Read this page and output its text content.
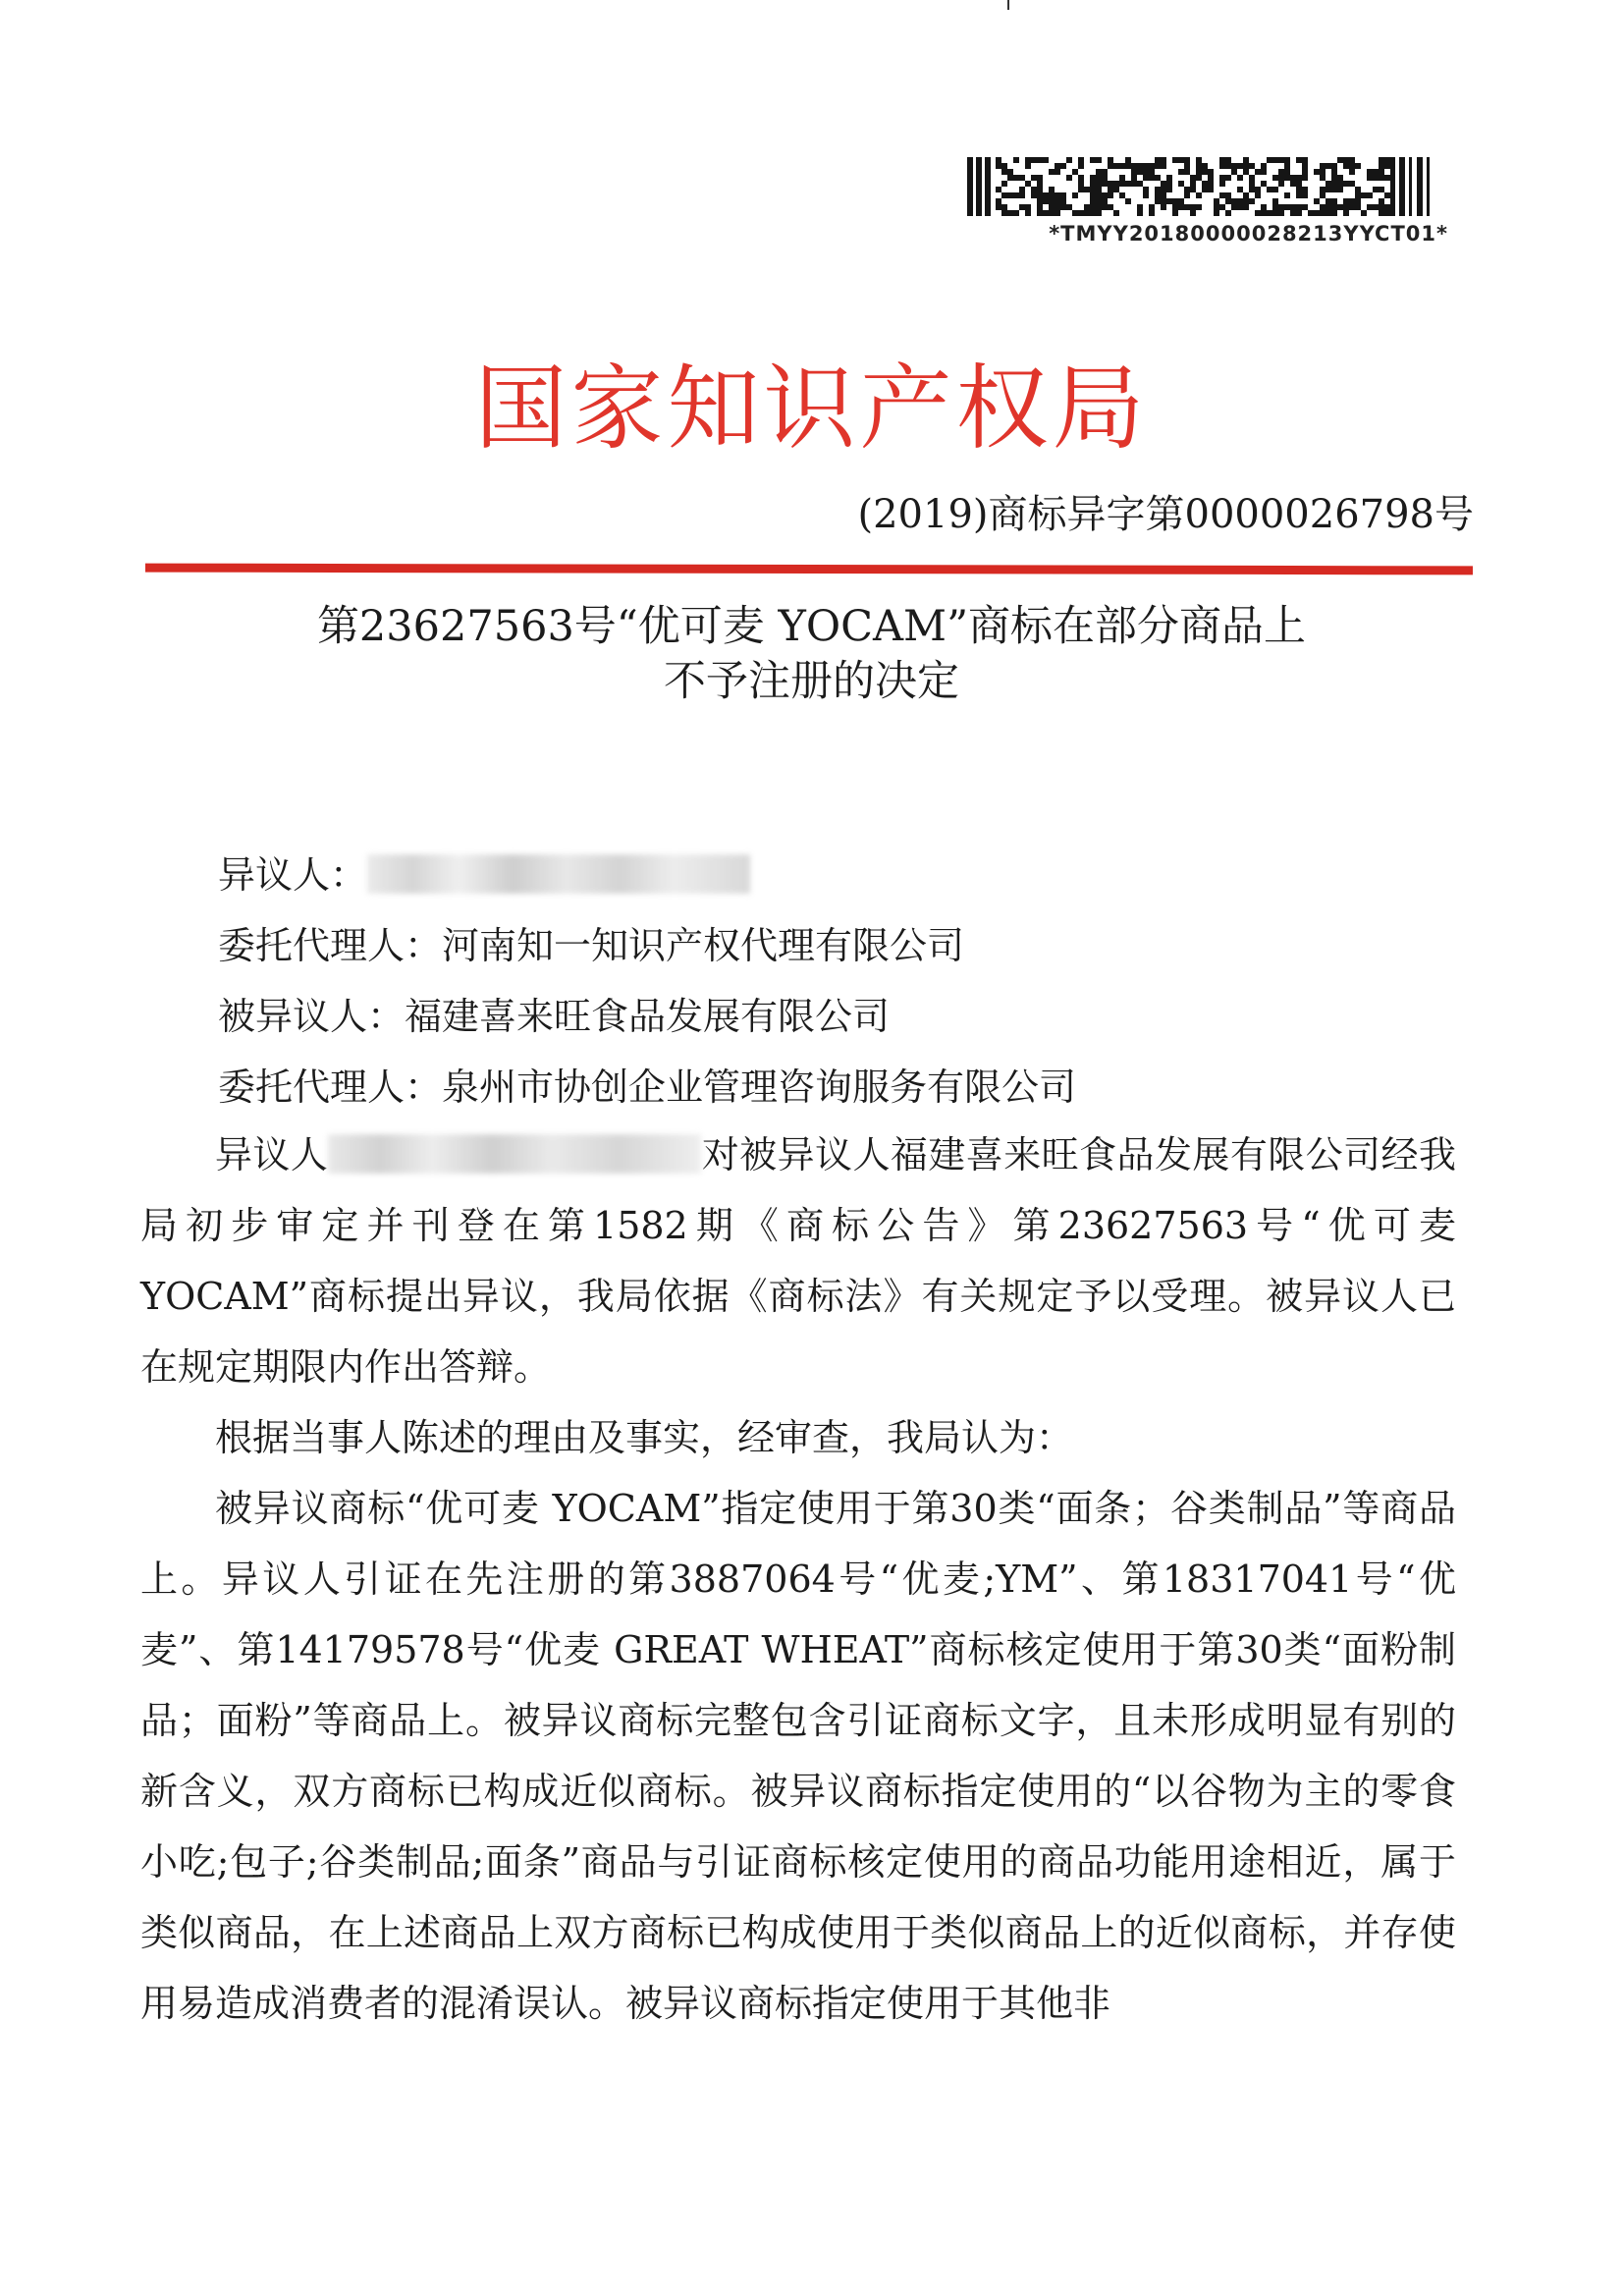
*TMYY20180000028213YYCT01*
国家知识产权局
(2019)商标异字第0000026798号
第23627563号“优可麦 YOCAM”商标在部分商品上
不予注册的决定
异议人：
委托代理人：河南知一知识产权代理有限公司
被异议人：福建喜来旺食品发展有限公司
委托代理人：泉州市协创企业管理咨询服务有限公司

异议人	对被异议人福建喜来旺食品发展有限公司经我局初步审定并刊登在第1582期《商标公告》第23627563号“优可麦 YOCAM”商标提出异议，我局依据《商标法》有关规定予以受理。被异议人已在规定期限内作出答辩。

根据当事人陈述的理由及事实，经审查，我局认为：

被异议商标“优可麦 YOCAM”指定使用于第30类“面条；谷类制品”等商品上。异议人引证在先注册的第3887064号“优麦;YM”、第18317041号“优麦”、第14179578号“优麦 GREAT WHEAT”商标核定使用于第30类“面粉制品；面粉”等商品上。被异议商标完整包含引证商标文字，且未形成明显有别的新含义，双方商标已构成近似商标。被异议商标指定使用的“以谷物为主的零食小吃;包子;谷类制品;面条”商品与引证商标核定使用的商品功能用途相近，属于类似商品，在上述商品上双方商标已构成使用于类似商品上的近似商标，并存使用易造成消费者的混淆误认。被异议商标指定使用于其他非
